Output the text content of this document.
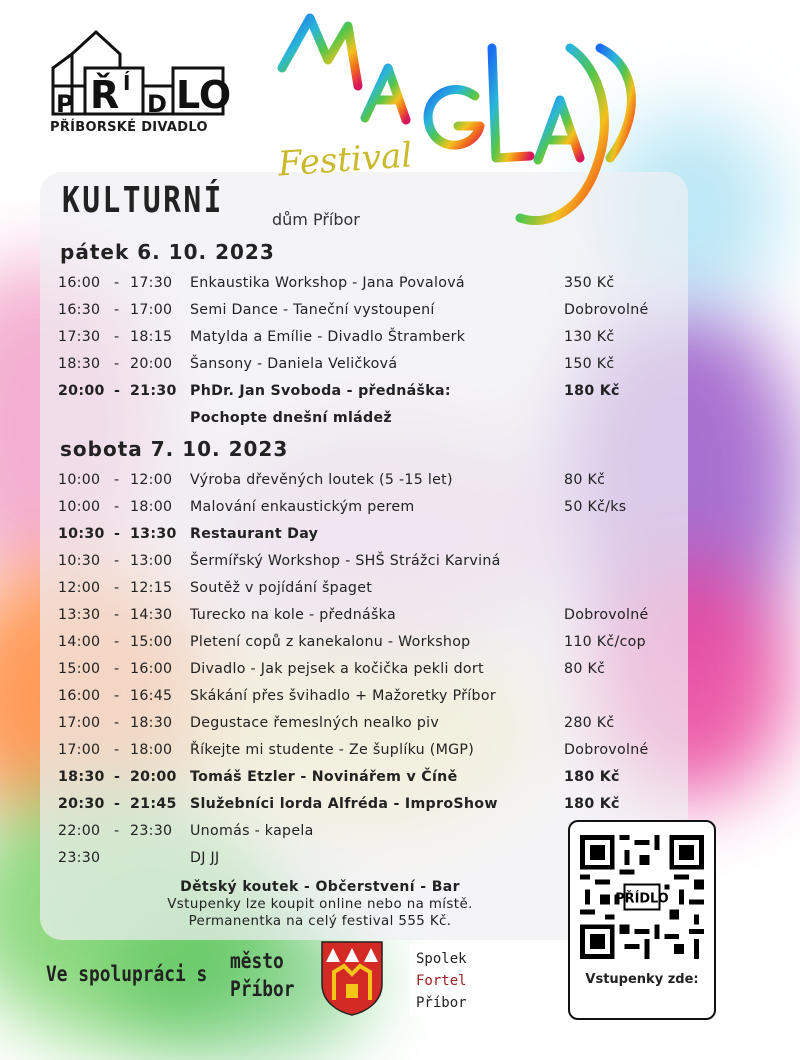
P Ř Í
D LO
PŘÍBORSKÉ DIVADLO
MAGLAJZ
Festival
KULTURNÍ	dům Příbor
pátek 6. 10. 2023
16:00 - 17:30 Enkaustika Workshop - Jana Povalová	350 Kč
16:30 - 17:00 Semi Dance - Taneční vystoupení	Dobrovolné
17:30 - 18:15 Matylda a Emílie - Divadlo Štramberk	130 Kč
18:30 - 20:00 Šansony - Daniela Veličková	150 Kč
20:00 - 21:30 PhDr. Jan Svoboda - přednáška:	180 Kč
Pochopte dnešní mládež
sobota 7. 10. 2023
10:00 - 12:00 Výroba dřevěných loutek (5 -15 let)	80 Kč
10:00 - 18:00 Malování enkaustickým perem	50 Kč/ks
10:30 - 13:30 Restaurant Day
10:30 - 13:00 Šermířský Workshop - SHŠ Strážci Karviná
12:00 - 12:15 Soutěž v pojídání špaget
13:30 - 14:30 Turecko na kole - přednáška	Dobrovolné
14:00 - 15:00 Pletení copů z kanekalonu - Workshop	110 Kč/cop
15:00 - 16:00 Divadlo - Jak pejsek a kočička pekli dort	80 Kč
16:00 - 16:45 Skákání přes švihadlo + Mažoretky Příbor
17:00 - 18:30 Degustace řemeslných nealko piv	280 Kč
17:00 - 18:00 Říkejte mi studente - Ze šuplíku (MGP)	Dobrovolné
18:30 - 20:00 Tomáš Etzler - Novinářem v Číně	180 Kč
20:30 - 21:45 Služebníci lorda Alfréda - ImproShow	180 Kč
22:00 - 23:30 Unomás - kapela
23:30	DJ JJ
Dětský koutek - Občerstvení - Bar
Vstupenky lze koupit online nebo na místě.
Permanentka na celý festival 555 Kč.
PŘÍDLO
Vstupenky zde:
Ve spolupráci s
město
Příbor
Spolek
Fortel
Příbor
